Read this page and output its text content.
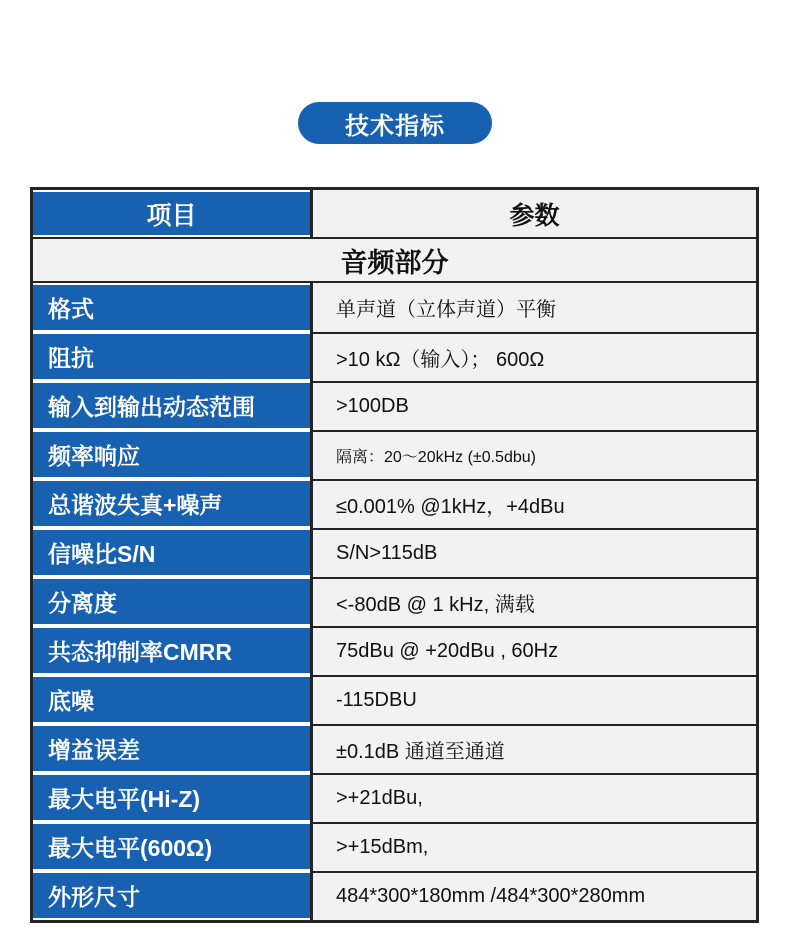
技术指标
项目	参数
音频部分
格式	单声道（立体声道）平衡
阻抗	>10 kΩ（输入）； 600Ω
输入到输出动态范围	>100DB
频率响应	隔离：20～20kHz (±0.5dbu)
总谐波失真+噪声	≤0.001% @1kHz，+4dBu
信噪比S/N	S/N>115dB
分离度	<-80dB @ 1 kHz, 满载
共态抑制率CMRR	75dBu @ +20dBu , 60Hz
底噪	-115DBU
增益误差	±0.1dB 通道至通道
最大电平(Hi-Z)	>+21dBu,
最大电平(600Ω)	>+15dBm,
外形尺寸	484*300*180mm /484*300*280mm
